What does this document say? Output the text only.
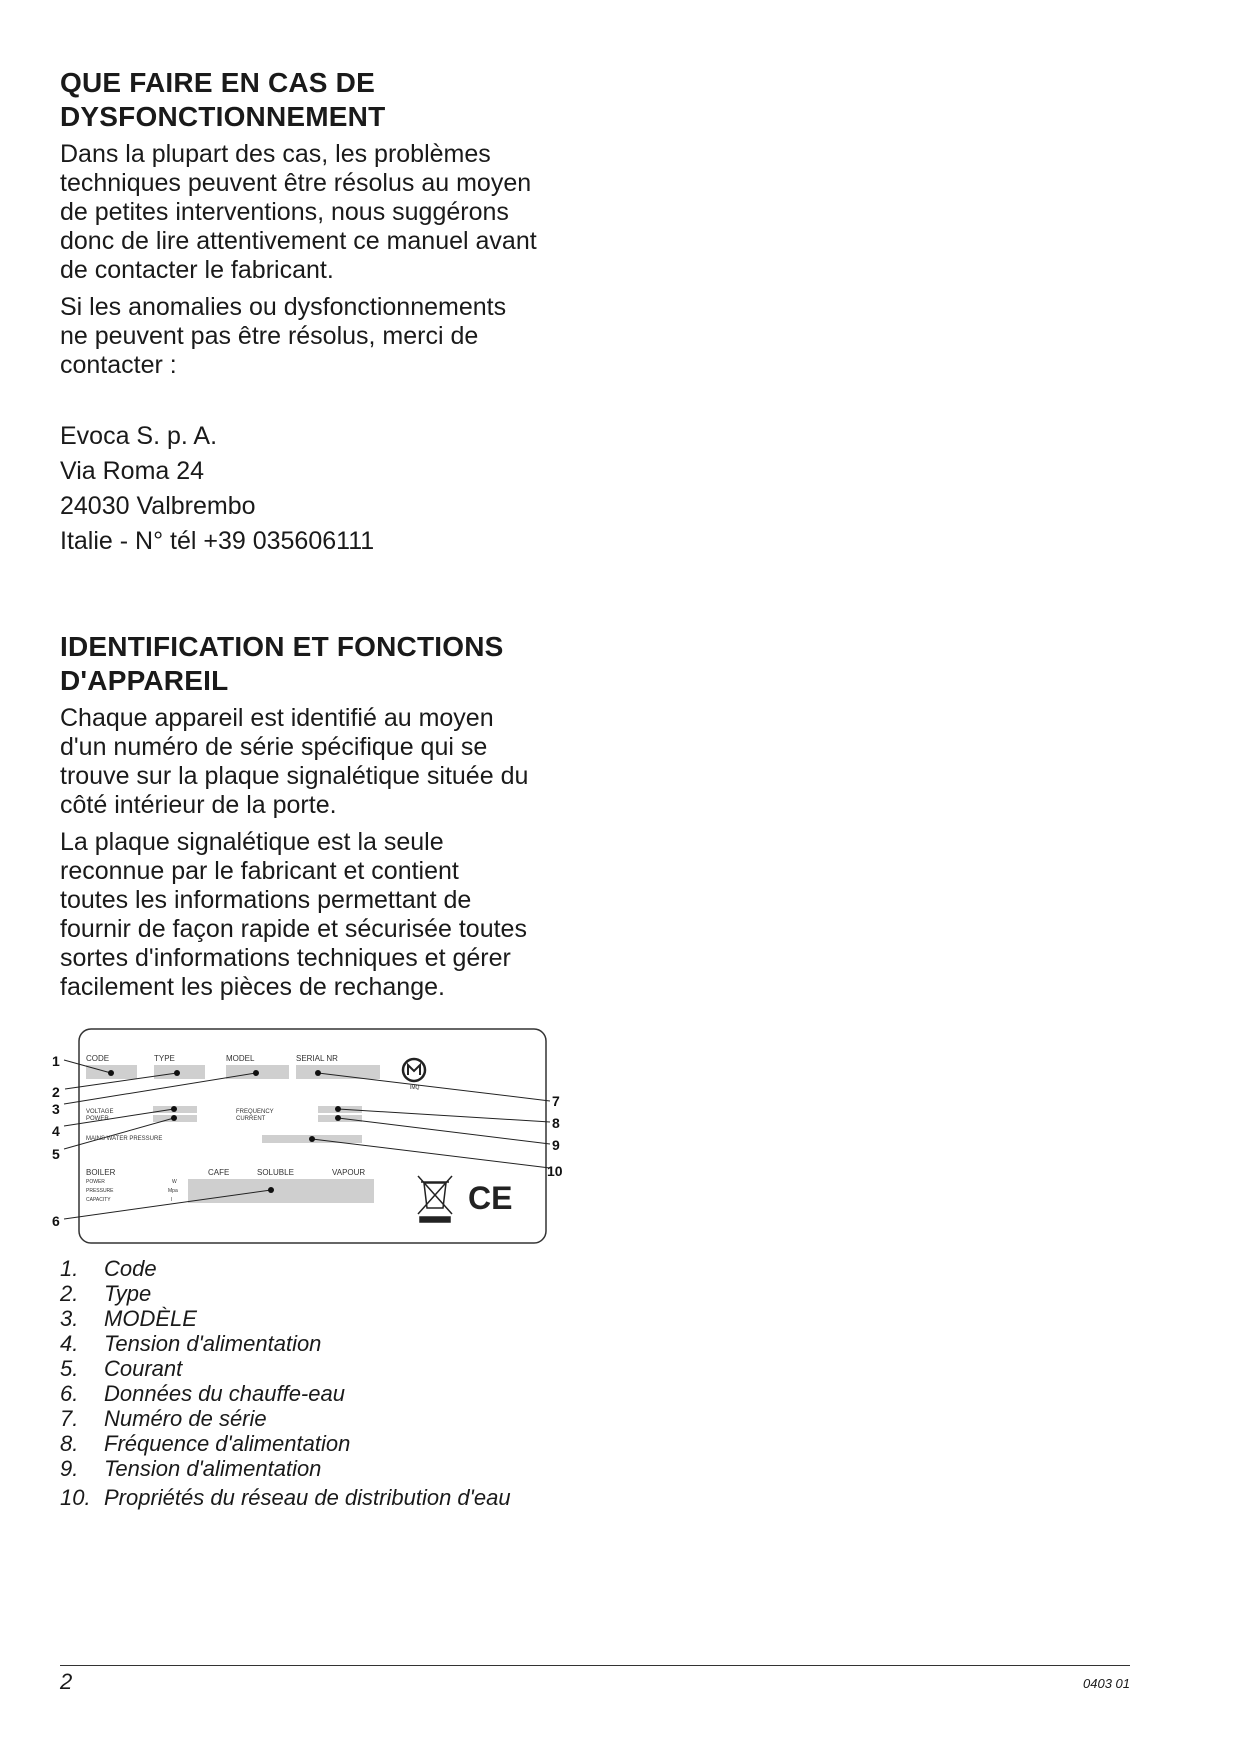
QUE FAIRE EN CAS DE
DYSFONCTIONNEMENT

Dans la plupart des cas, les problèmes
techniques peuvent être résolus au moyen
de petites interventions, nous suggérons
donc de lire attentivement ce manuel avant
de contacter le fabricant.

Si les anomalies ou dysfonctionnements
ne peuvent pas être résolus, merci de
contacter :

Evoca S. p. A.
Via Roma 24
24030 Valbrembo
Italie - N° tél +39 035606111
IDENTIFICATION ET FONCTIONS
D'APPAREIL

Chaque appareil est identifié au moyen
d'un numéro de série spécifique qui se
trouve sur la plaque signalétique située du
côté intérieur de la porte.

La plaque signalétique est la seule
reconnue par le fabricant et contient
toutes les informations permettant de
fournir de façon rapide et sécurisée toutes
sortes d'informations techniques et gérer
facilement les pièces de rechange.

CODE	TYPE	MODEL	SERIAL NR
VOLTAGE
POWER
FREQUENCY
CURRENT
MAINS WATER PRESSURE
BOILER
POWER
PRESSURE
CAPACITY
W
Mpa
l
CAFE	SOLUBLE	VAPOUR
IMQ
CE
1
2
3
4
5
6
7
8
9
10
1.	Code
2.	Type
3.	MODÈLE
4.	Tension d'alimentation
5.	Courant
6.	Données du chauffe-eau
7.	Numéro de série
8.	Fréquence d'alimentation
9.	Tension d'alimentation
10. Propriétés du réseau de distribution d'eau
2	0403 01
